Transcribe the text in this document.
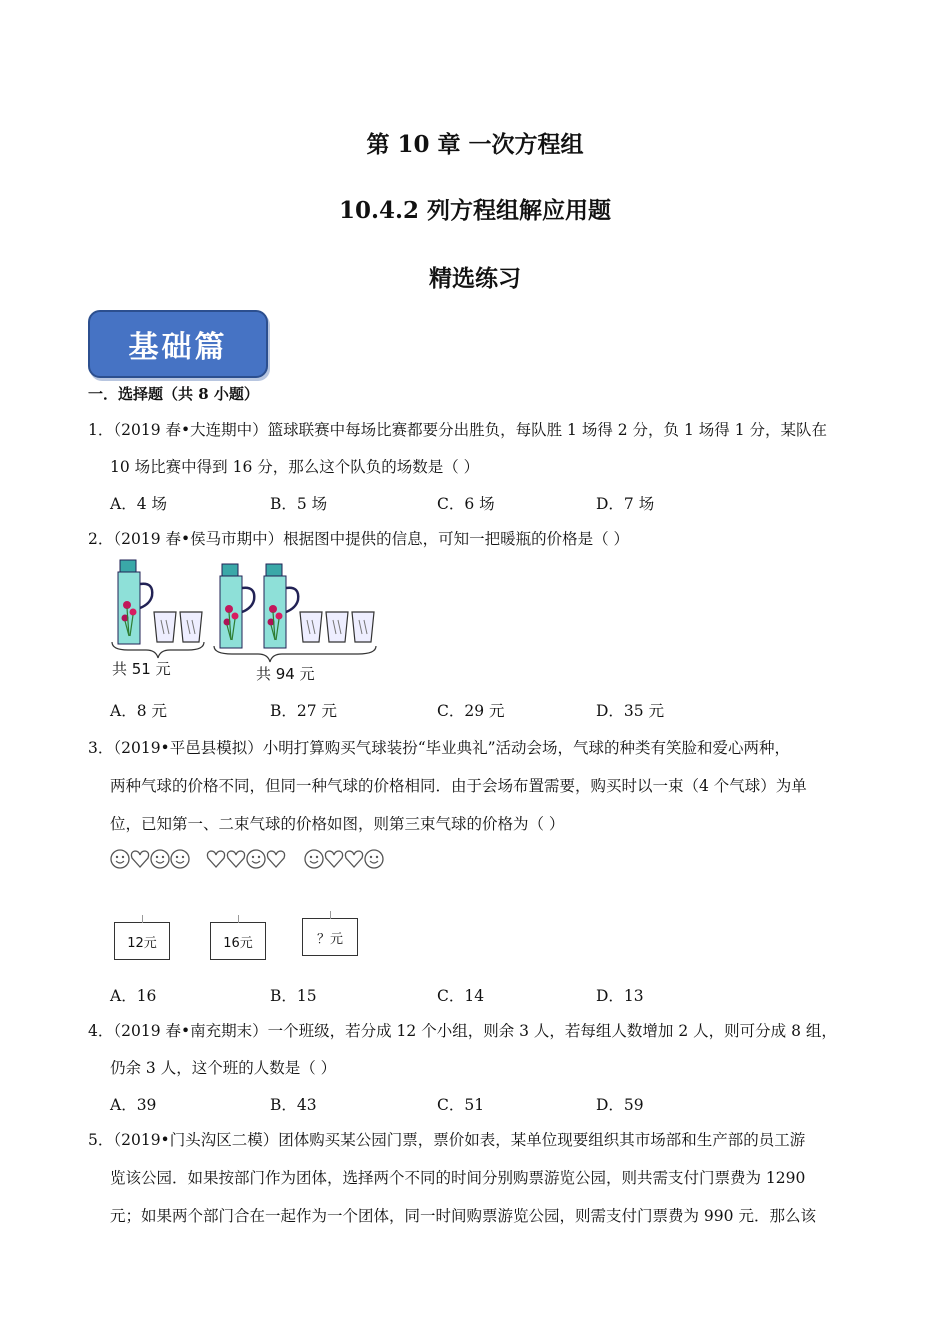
第 10 章 一次方程组
10.4.2 列方程组解应用题
精选练习
基础篇
一．选择题（共 8 小题）
1．（2019 春•大连期中）篮球联赛中每场比赛都要分出胜负，每队胜 1 场得 2 分，负 1 场得 1 分，某队在
10 场比赛中得到 16 分，那么这个队负的场数是（ ）
A．4 场	B．5 场	C．6 场	D．7 场
2．（2019 春•侯马市期中）根据图中提供的信息，可知一把暖瓶的价格是（ ）
共 51 元	共 94 元
A．8 元	B．27 元	C．29 元	D．35 元
3．（2019•平邑县模拟）小明打算购买气球装扮“毕业典礼”活动会场，气球的种类有笑脸和爱心两种，
两种气球的价格不同，但同一种气球的价格相同．由于会场布置需要，购买时以一束（4 个气球）为单
位，已知第一、二束气球的价格如图，则第三束气球的价格为（ ）
12元	16元	？元
A．16	B．15	C．14	D．13
4．（2019 春•南充期末）一个班级，若分成 12 个小组，则余 3 人，若每组人数增加 2 人，则可分成 8 组，
仍余 3 人，这个班的人数是（ ）
A．39	B．43	C．51	D．59
5．（2019•门头沟区二模）团体购买某公园门票，票价如表，某单位现要组织其市场部和生产部的员工游
览该公园．如果按部门作为团体，选择两个不同的时间分别购票游览公园，则共需支付门票费为 1290
元；如果两个部门合在一起作为一个团体，同一时间购票游览公园，则需支付门票费为 990 元．那么该
